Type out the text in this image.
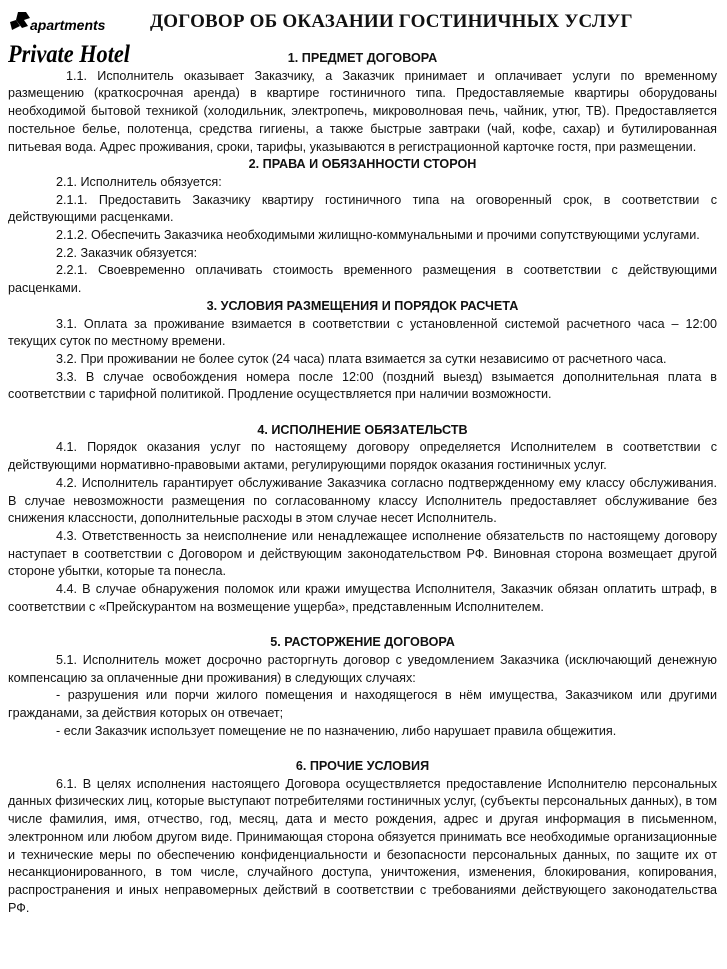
apartments
Private Hotel
ДОГОВОР ОБ ОКАЗАНИИ ГОСТИНИЧНЫХ УСЛУГ
1. ПРЕДМЕТ ДОГОВОРА

1.1. Исполнитель оказывает Заказчику, а Заказчик принимает и оплачивает услуги по временному размещению (краткосрочная аренда) в квартире гостиничного типа. Предоставляемые квартиры оборудованы необходимой бытовой техникой (холодильник, электропечь, микроволновая печь, чайник, утюг, ТВ). Предоставляется постельное белье, полотенца, средства гигиены, а также быстрые завтраки (чай, кофе, сахар) и бутилированная питьевая вода. Адрес проживания, сроки, тарифы, указываются в регистрационной карточке гостя, при размещении.

2. ПРАВА И ОБЯЗАННОСТИ СТОРОН

2.1. Исполнитель обязуется:

2.1.1. Предоставить Заказчику квартиру гостиничного типа на оговоренный срок, в соответствии с действующими расценками.

2.1.2. Обеспечить Заказчика необходимыми жилищно-коммунальными и прочими сопутствующими услугами.

2.2. Заказчик обязуется:

2.2.1. Своевременно оплачивать стоимость временного размещения в соответствии с действующими расценками.

3. УСЛОВИЯ РАЗМЕЩЕНИЯ И ПОРЯДОК РАСЧЕТА

3.1. Оплата за проживание взимается в соответствии с установленной системой расчетного часа – 12:00 текущих суток по местному времени.

3.2. При проживании не более суток (24 часа) плата взимается за сутки независимо от расчетного часа.

3.3. В случае освобождения номера после 12:00 (поздний выезд) взымается дополнительная плата в соответствии с тарифной политикой. Продление осуществляется при наличии возможности.

4. ИСПОЛНЕНИЕ ОБЯЗАТЕЛЬСТВ

4.1. Порядок оказания услуг по настоящему договору определяется Исполнителем в соответствии с действующими нормативно-правовыми актами, регулирующими порядок оказания гостиничных услуг.

4.2. Исполнитель гарантирует обслуживание Заказчика согласно подтвержденному ему классу обслуживания. В случае невозможности размещения по согласованному классу Исполнитель предоставляет обслуживание без снижения классности, дополнительные расходы в этом случае несет Исполнитель.

4.3. Ответственность за неисполнение или ненадлежащее исполнение обязательств по настоящему договору наступает в соответствии с Договором и действующим законодательством РФ. Виновная сторона возмещает другой стороне убытки, которые та понесла.

4.4. В случае обнаружения поломок или кражи имущества Исполнителя, Заказчик обязан оплатить штраф, в соответствии с «Прейскурантом на возмещение ущерба», представленным Исполнителем.

5. РАСТОРЖЕНИЕ ДОГОВОРА

5.1. Исполнитель может досрочно расторгнуть договор с уведомлением Заказчика (исключающий денежную компенсацию за оплаченные дни проживания) в следующих случаях:

- разрушения или порчи жилого помещения и находящегося в нём имущества, Заказчиком или другими гражданами, за действия которых он отвечает;

- если Заказчик использует помещение не по назначению, либо нарушает правила общежития.

6. ПРОЧИЕ УСЛОВИЯ

6.1. В целях исполнения настоящего Договора осуществляется предоставление Исполнителю персональных данных физических лиц, которые выступают потребителями гостиничных услуг, (субъекты персональных данных), в том числе фамилия, имя, отчество, год, месяц, дата и место рождения, адрес и другая информация в письменном, электронном или любом другом виде. Принимающая сторона обязуется принимать все необходимые организационные и технические меры по обеспечению конфиденциальности и безопасности персональных данных, по защите их от несанкционированного, в том числе, случайного доступа, уничтожения, изменения, блокирования, копирования, распространения и иных неправомерных действий в соответствии с требованиями действующего законодательства РФ.
